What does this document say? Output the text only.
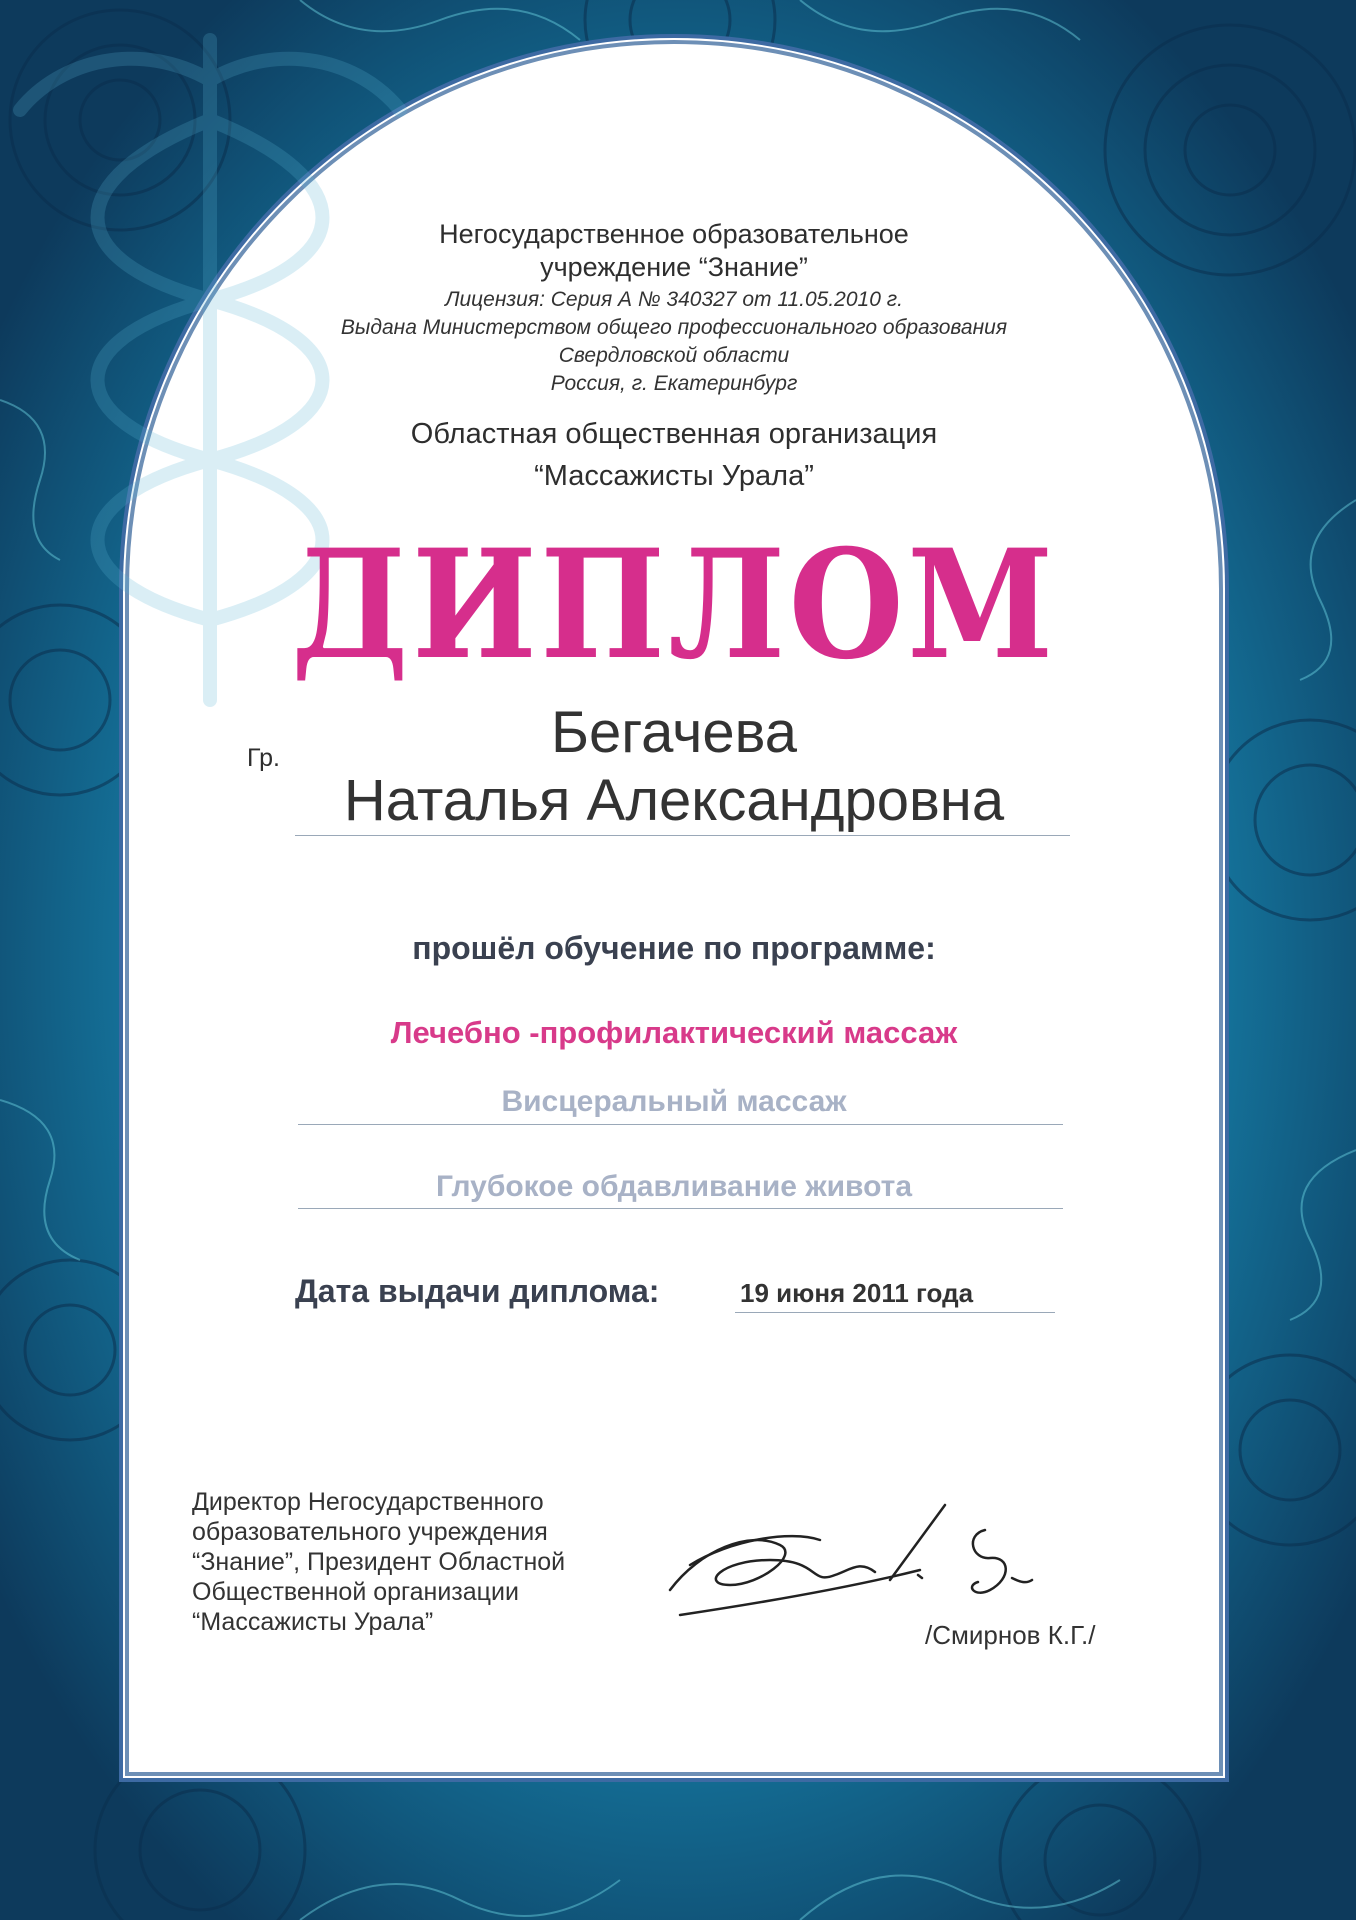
Негосударственное образовательное
учреждение “Знание”
Лицензия: Серия А № 340327 от 11.05.2010 г.
Выдана Министерством общего профессионального образования
Свердловской области
Россия, г. Екатеринбург
Областная общественная организация
“Массажисты Урала”
ДИПЛОМ
Гр.	Бегачева
Наталья Александровна
прошёл обучение по программе:
Лечебно -профилактический массаж
Висцеральный массаж
Глубокое обдавливание живота
Дата выдачи диплома:	19 июня 2011 года
Директор Негосударственного
образовательного учреждения
“Знание”, Президент Областной
Общественной организации
“Массажисты Урала”	/Смирнов К.Г./
